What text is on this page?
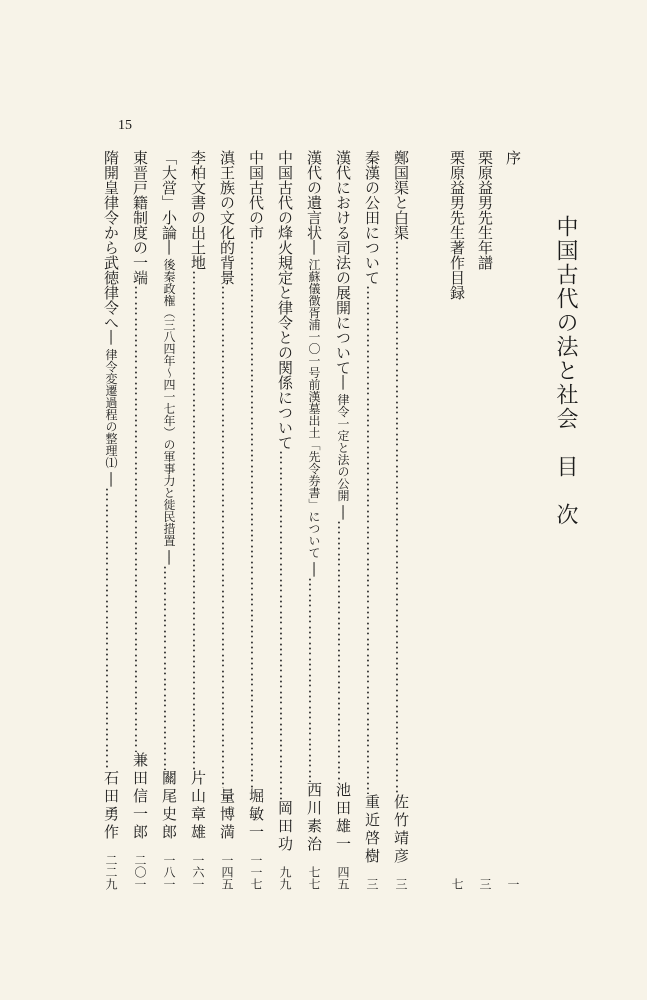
15
中国古代の法と社会　目　次
序
一
栗原益男先生年譜
三
栗原益男先生著作目録
七
鄭国渠と白渠
……………………………………………………………………………………………………………………………………………………………………
佐竹靖彦
三
秦漢の公田について
……………………………………………………………………………………………………………………………………………………………………
重近啓樹
三
漢代における司法の展開について
── 律令一定と法の公開 ──
……………………………………………………………………………………………………………………………………………………………………
池田雄一
四五
漢代の遺言状
── 江蘇儀徴胥浦一〇一号前漢墓出土「先令券書」について ──
……………………………………………………………………………………………………………………………………………………………………
西川素治
七七
中国古代の烽火規定と律令との関係について
……………………………………………………………………………………………………………………………………………………………………
岡田功
九九
中国古代の市
……………………………………………………………………………………………………………………………………………………………………
堀敏一
一一七
滇王族の文化的背景
……………………………………………………………………………………………………………………………………………………………………
量博満
一四五
李柏文書の出土地
……………………………………………………………………………………………………………………………………………………………………
片山章雄
一六一
「大営」小論
── 後秦政権（三八四年〜四一七年）の軍事力と徙民措置 ──
……………………………………………………………………………………………………………………………………………………………………
關尾史郎
一八一
東晋戸籍制度の一端
……………………………………………………………………………………………………………………………………………………………………
兼田信一郎
二〇一
隋開皇律令から武徳律令へ
── 律令変遷過程の整理⑴ ──
……………………………………………………………………………………………………………………………………………………………………
石田勇作
二二九
